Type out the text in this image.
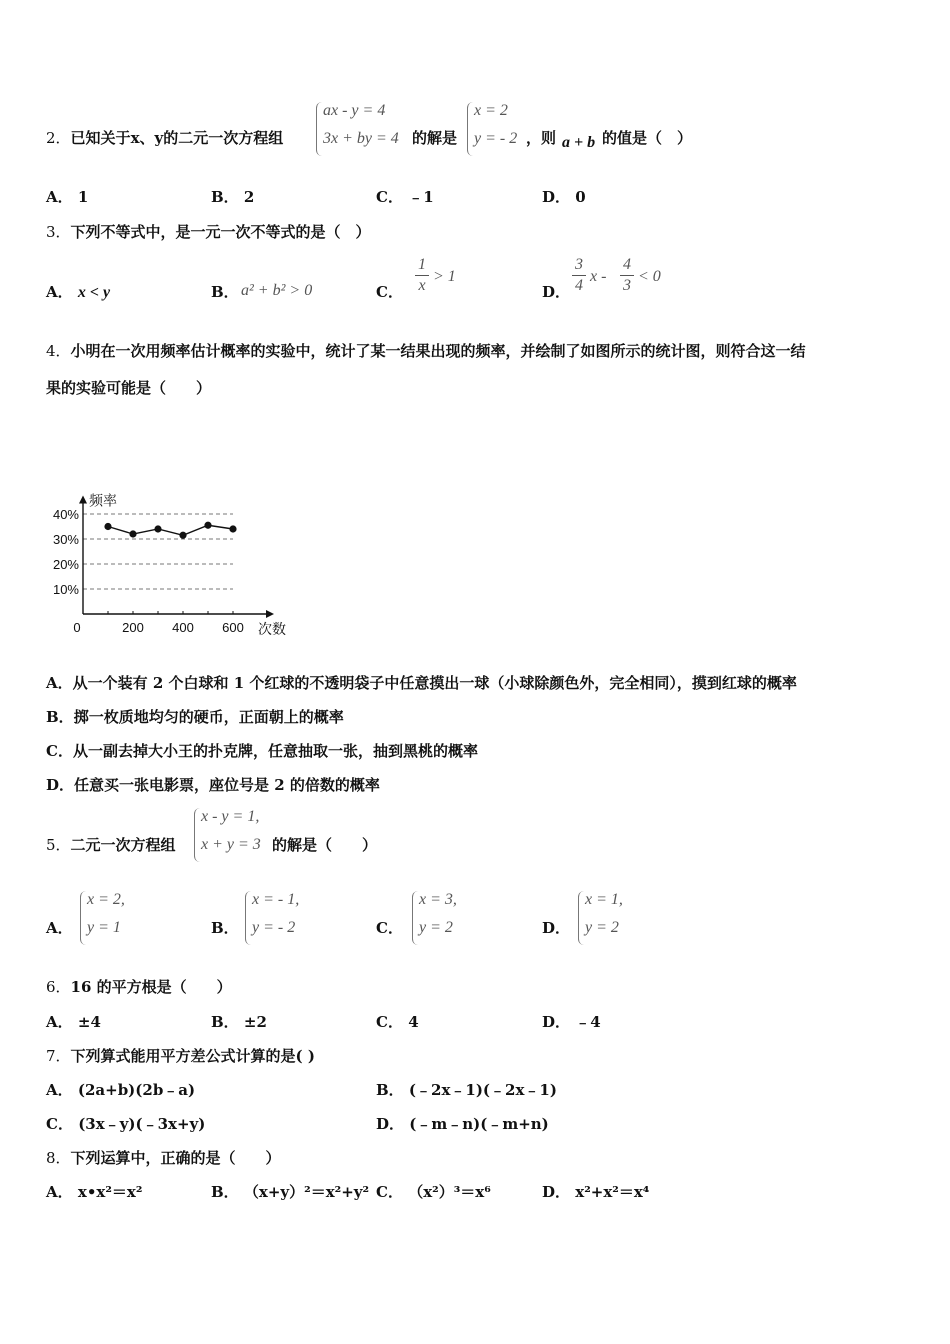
2．已知关于x、y的二元一次方程组
ax - y = 4
3x + by = 4 的解是
x = 2
y = - 2 ，则 a + b 的值是（　）
A． 1	B． 2	C． ﹣1	D． 0
3．下列不等式中，是一元一次不等式的是（　）
A． x < y	B． a² + b² > 0	C．
1
x
> 1
D．
3
4
x -
4
3
< 0
4．小明在一次用频率估计概率的实验中，统计了某一结果出现的频率，并绘制了如图所示的统计图，则符合这一结
果的实验可能是（　　）
10%
20%
30%
40%
0	200 400 600
频率
次数
A．从一个装有 2 个白球和 1 个红球的不透明袋子中任意摸出一球（小球除颜色外，完全相同），摸到红球的概率
B．掷一枚质地均匀的硬币，正面朝上的概率
C．从一副去掉大小王的扑克牌，任意抽取一张，抽到黑桃的概率
D．任意买一张电影票，座位号是 2 的倍数的概率
5．二元一次方程组
x - y = 1,
x + y = 3 的解是（　　）
A．
x = 2,
y = 1	B．
x = - 1,
y = - 2	C．
x = 3,
y = 2	D．
x = 1,
y = 2
6．16 的平方根是（　　）
A． ±4	B． ±2	C． 4	D． ﹣4
7．下列算式能用平方差公式计算的是( )
A． (2a+b)(2b﹣a)	B． (﹣2x﹣1)(﹣2x﹣1)
C． (3x﹣y)(﹣3x+y)	D． (﹣m﹣n)(﹣m+n)
8．下列运算中，正确的是（　　）
A． x•x²＝x²	B． （x+y）²＝x²+y² C． （x²）³＝x⁶	D． x²+x²＝x⁴
